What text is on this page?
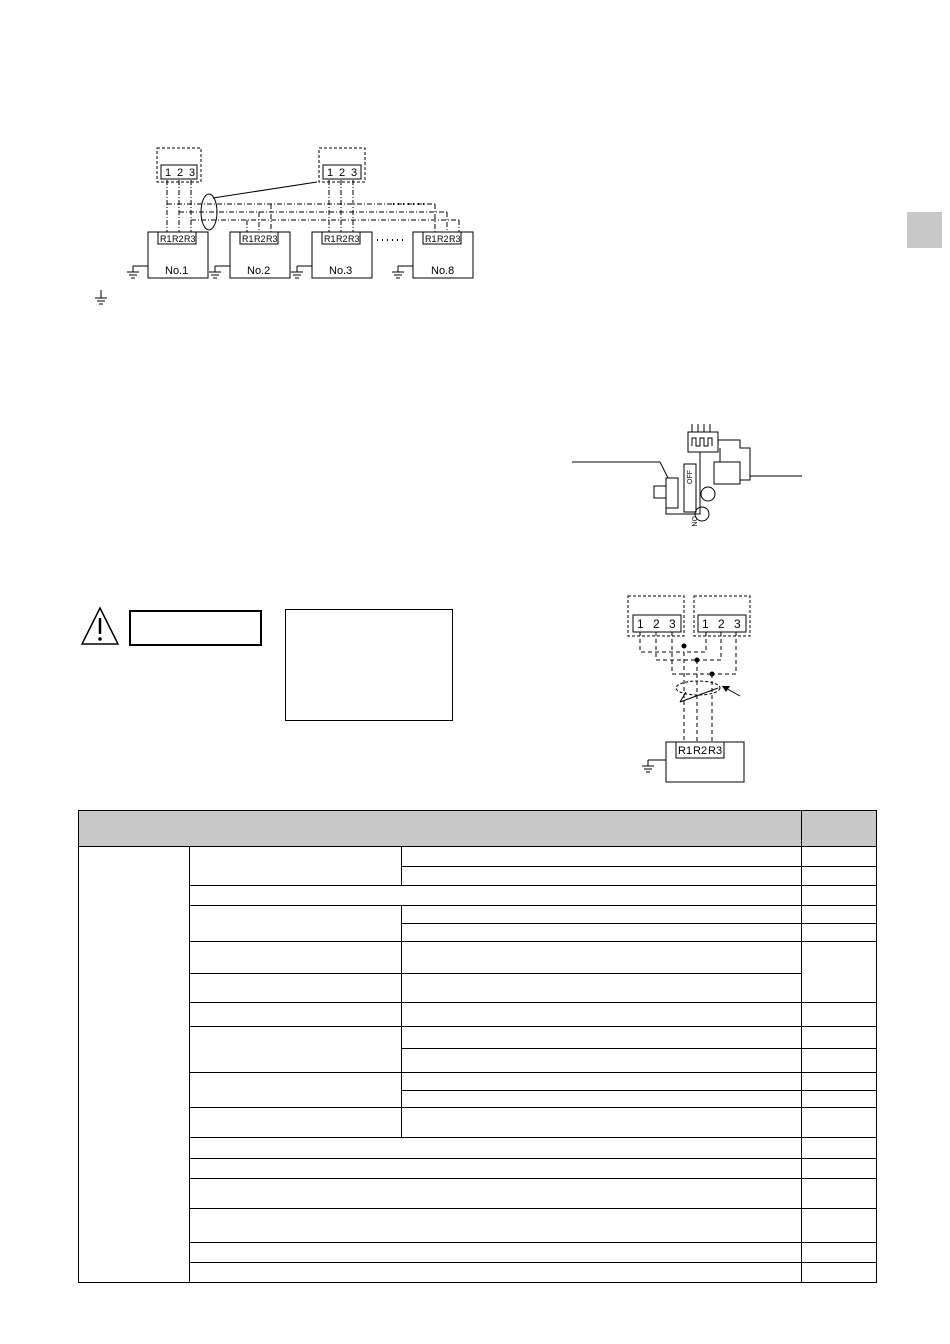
1 2 3	1 2 3
R1 R2 R3
No.1
R1 R2 R3
No.2
R1 R2 R3
No.3
R1 R2 R3
No.8
OFF
ON
1 2 3 1 2 3
R1 R2 R3
